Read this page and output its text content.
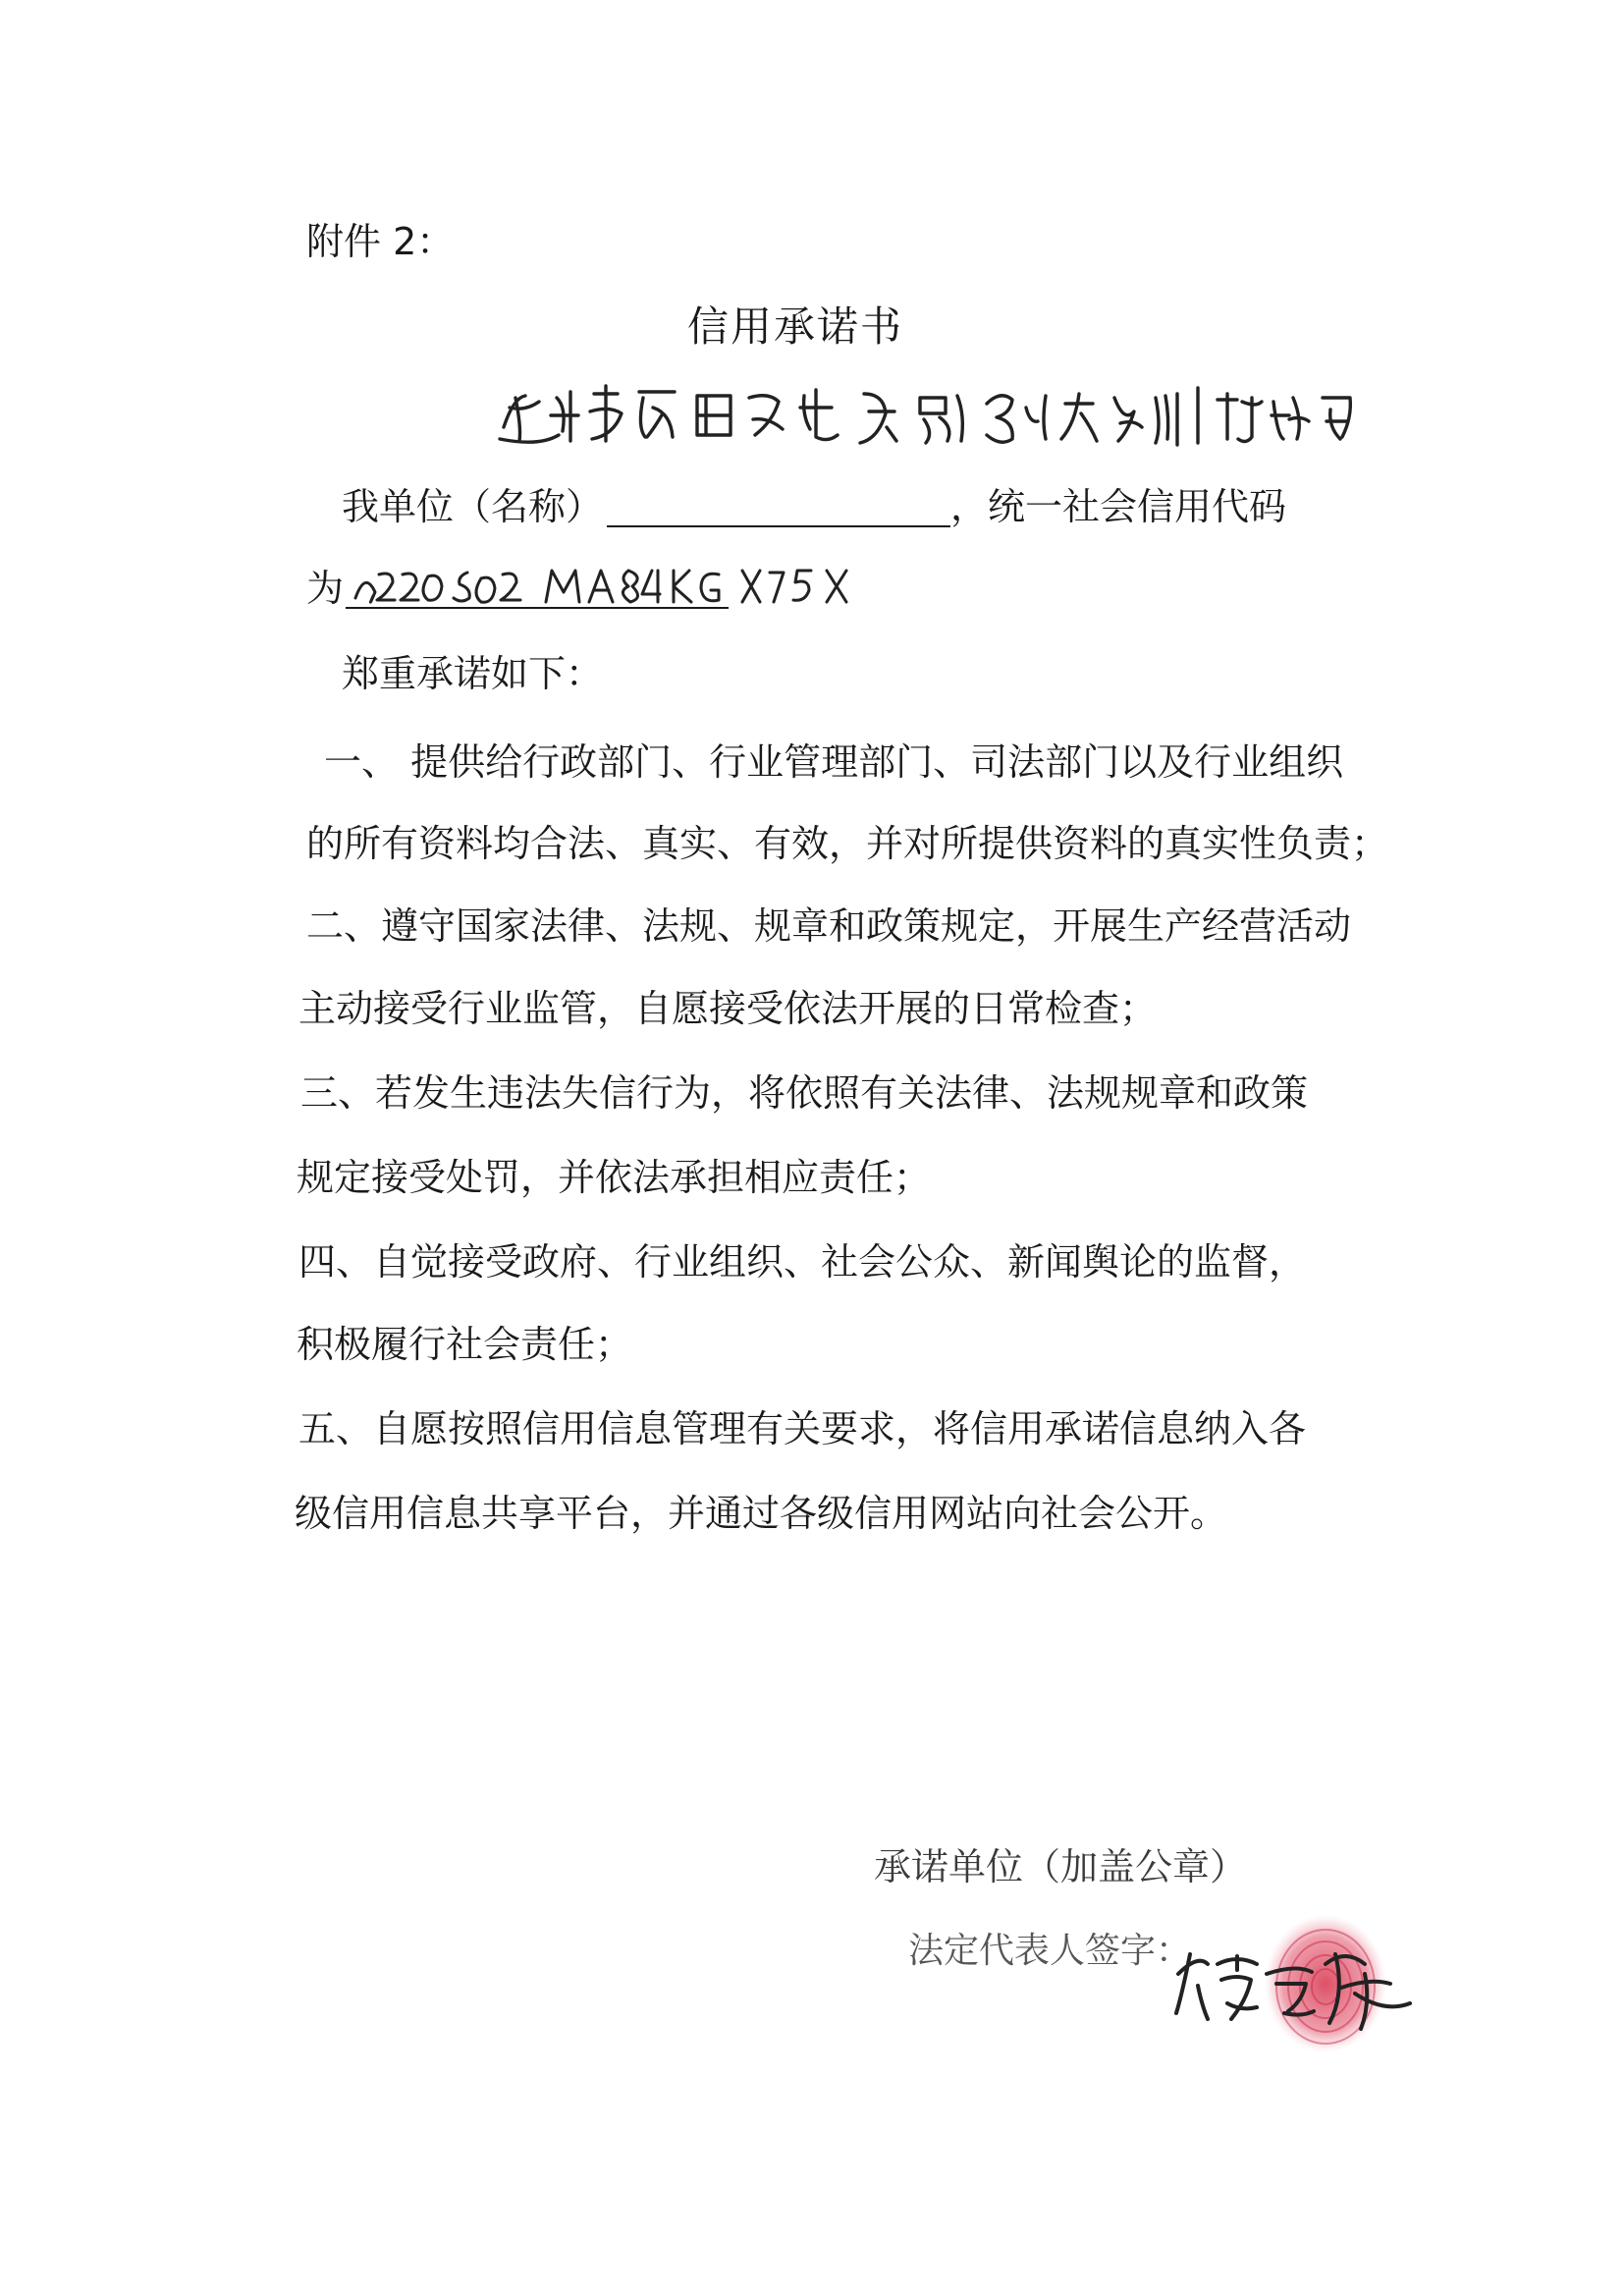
附件 2：
信用承诺书
我单位（名称）	，统一社会信用代码
为
郑重承诺如下：
一、 提供给行政部门、行业管理部门、司法部门以及行业组织
的所有资料均合法、真实、有效，并对所提供资料的真实性负责；
二、遵守国家法律、法规、规章和政策规定，开展生产经营活动
主动接受行业监管，自愿接受依法开展的日常检查；
三、若发生违法失信行为，将依照有关法律、法规规章和政策
规定接受处罚，并依法承担相应责任；
四、自觉接受政府、行业组织、社会公众、新闻舆论的监督，
积极履行社会责任；
五、自愿按照信用信息管理有关要求，将信用承诺信息纳入各
级信用信息共享平台，并通过各级信用网站向社会公开。
承诺单位（加盖公章）
法定代表人签字：
